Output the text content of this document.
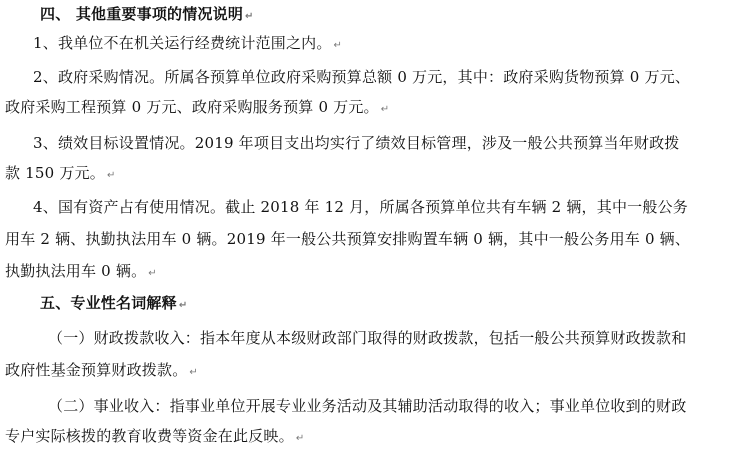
四、 其他重要事项的情况说明 ↵
1、我单位不在机关运行经费统计范围之内。 ↵
2、政府采购情况。所属各预算单位政府采购预算总额 0 万元，其中：政府采购货物预算 0 万元、
政府采购工程预算 0 万元、政府采购服务预算 0 万元。 ↵
3、绩效目标设置情况。2019 年项目支出均实行了绩效目标管理，涉及一般公共预算当年财政拨
款 150 万元。 ↵
4、国有资产占有使用情况。截止 2018 年 12 月，所属各预算单位共有车辆 2 辆，其中一般公务
用车 2 辆、执勤执法用车 0 辆。2019 年一般公共预算安排购置车辆 0 辆，其中一般公务用车 0 辆、
执勤执法用车 0 辆。 ↵
五、专业性名词解释 ↵
（一）财政拨款收入：指本年度从本级财政部门取得的财政拨款，包括一般公共预算财政拨款和
政府性基金预算财政拨款。 ↵
（二）事业收入：指事业单位开展专业业务活动及其辅助活动取得的收入；事业单位收到的财政
专户实际核拨的教育收费等资金在此反映。 ↵
